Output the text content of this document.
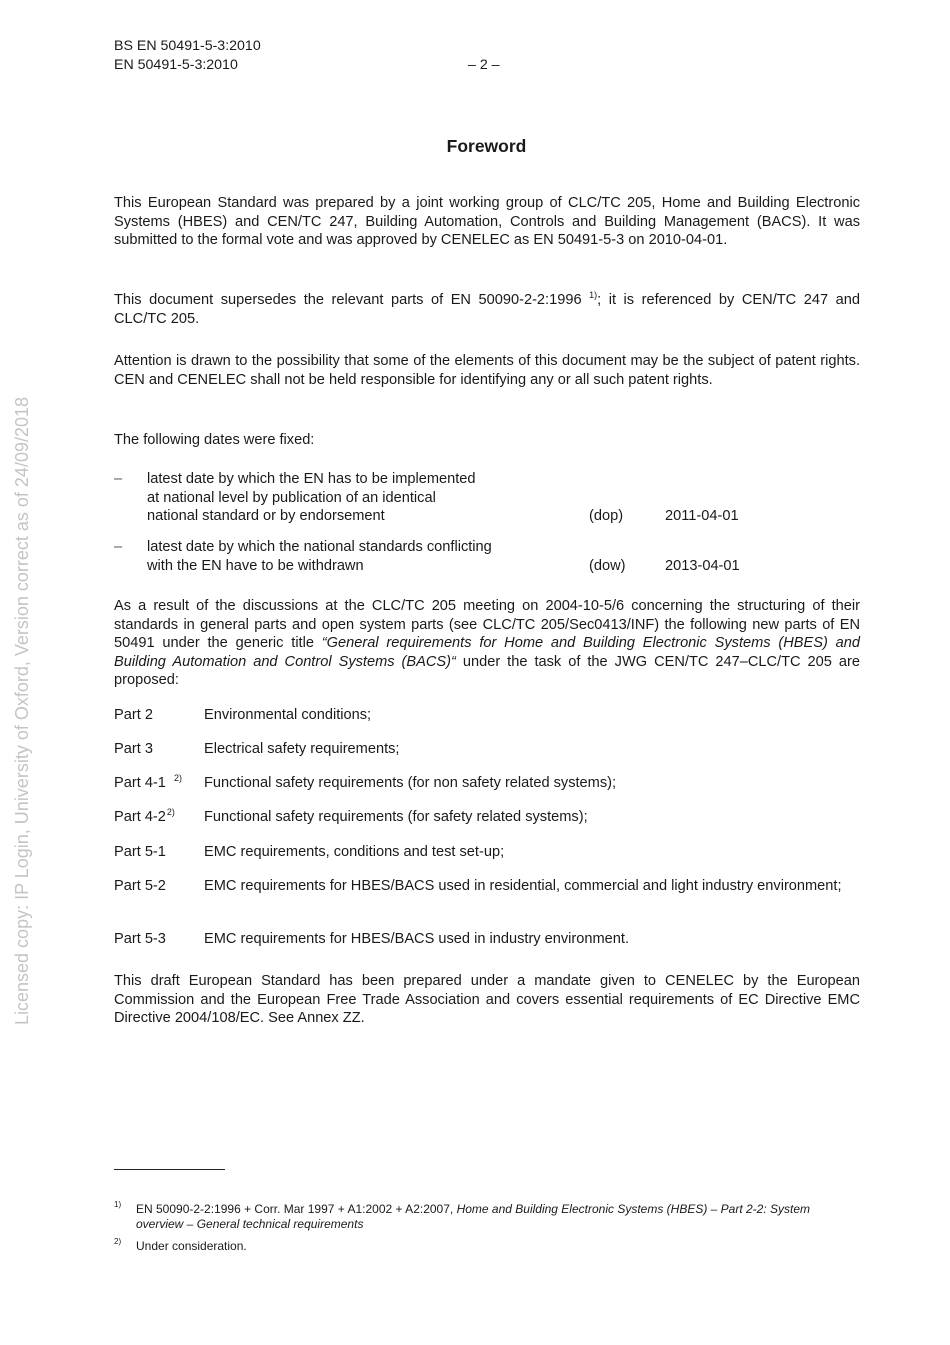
BS EN 50491-5-3:2010
EN 50491-5-3:2010	– 2 –
Foreword
This European Standard was prepared by a joint working group of CLC/TC 205, Home and Building Electronic Systems (HBES) and CEN/TC 247, Building Automation, Controls and Building Management (BACS). It was submitted to the formal vote and was approved by CENELEC as EN 50491-5-3 on 2010-04-01.
This document supersedes the relevant parts of EN 50090-2-2:1996 $^{1)}$; it is referenced by CEN/TC 247 and CLC/TC 205.
Attention is drawn to the possibility that some of the elements of this document may be the subject of patent rights. CEN and CENELEC shall not be held responsible for identifying any or all such patent rights.
The following dates were fixed:
– latest date by which the EN has to be implemented
at national level by publication of an identical
national standard or by endorsement	(dop)	2011-04-01
– latest date by which the national standards conflicting
with the EN have to be withdrawn	(dow)	2013-04-01
As a result of the discussions at the CLC/TC 205 meeting on 2004-10-5/6 concerning the structuring of their standards in general parts and open system parts (see CLC/TC 205/Sec0413/INF) the following new parts of EN 50491 under the generic title “General requirements for Home and Building Electronic Systems (HBES) and Building Automation and Control Systems (BACS)“ under the task of the JWG CEN/TC 247–CLC/TC 205 are proposed:
Part 2	Environmental conditions;
Part 3	Electrical safety requirements;
Part 4-1 $^{2)}$ Functional safety requirements (for non safety related systems);
Part 4-2$^{2)}$ Functional safety requirements (for safety related systems);
Part 5-1	EMC requirements, conditions and test set-up;
Part 5-2	EMC requirements for HBES/BACS used in residential, commercial and light industry environment;
Part 5-3	EMC requirements for HBES/BACS used in industry environment.
This draft European Standard has been prepared under a mandate given to CENELEC by the European Commission and the European Free Trade Association and covers essential requirements of EC Directive EMC Directive 2004/108/EC. See Annex ZZ.
1) EN 50090-2-2:1996 + Corr. Mar 1997 + A1:2002 + A2:2007, Home and Building Electronic Systems (HBES) – Part 2-2: System overview – General technical requirements
2) Under consideration.
Licensed copy: IP Login, University of Oxford, Version correct as of 24/09/2018
